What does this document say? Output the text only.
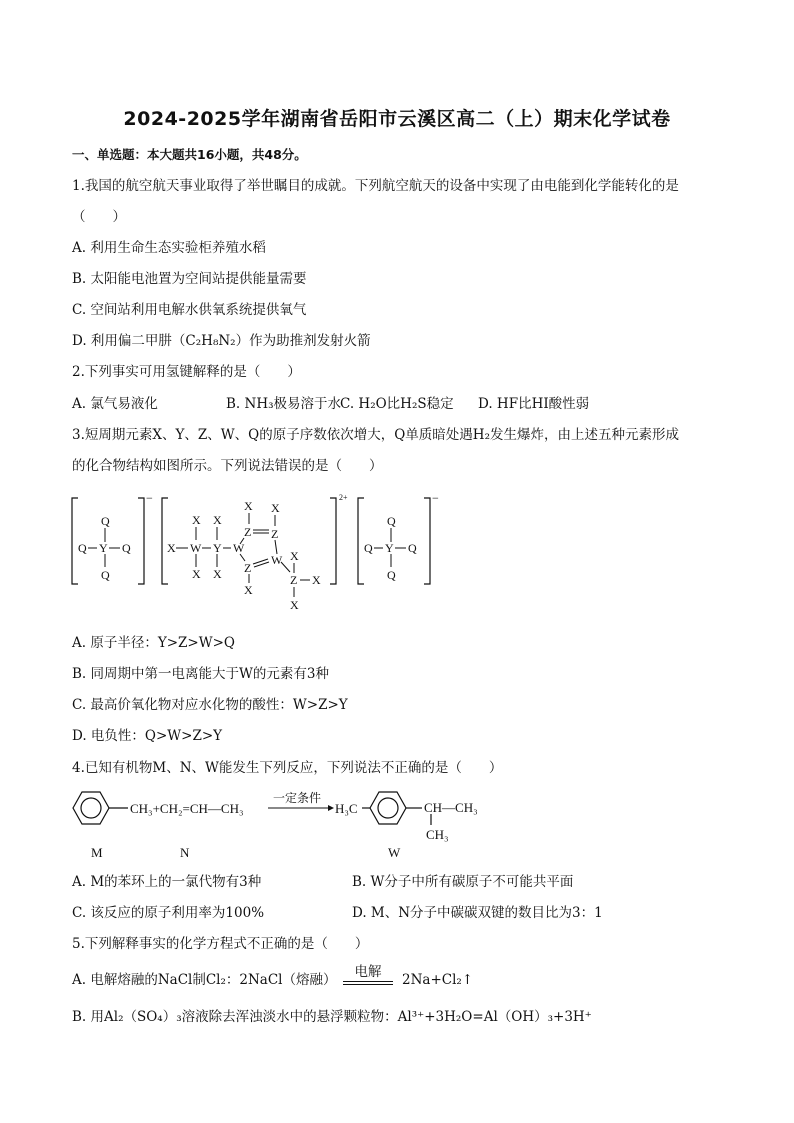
2024-2025学年湖南省岳阳市云溪区高二（上）期末化学试卷
一、单选题：本大题共16小题，共48分。
1.我国的航空航天事业取得了举世瞩目的成就。下列航空航天的设备中实现了由电能到化学能转化的是
（　　）
A. 利用生命生态实验柜养殖水稻
B. 太阳能电池置为空间站提供能量需要
C. 空间站利用电解水供氧系统提供氧气
D. 利用偏二甲肼（C₂H₈N₂）作为助推剂发射火箭
2.下列事实可用氢键解释的是（　　）
A. 氯气易液化	B. NH₃极易溶于水
C. H₂O比H₂S稳定 D. HF比HI酸性弱
3.短周期元素X、Y、Z、W、Q的原子序数依次增大，Q单质暗处遇H₂发生爆炸，由上述五种元素形成
的化合物结构如图所示。下列说法错误的是（　　）
−
Q
Q Y Q
Q
2+
X X
X W Y W
X X
X X
Z Z
Z
W
X
X
Z X
X
−
Q
Q Y Q
Q
A. 原子半径：Y>Z>W>Q
B. 同周期中第一电离能大于W的元素有3种
C. 最高价氧化物对应水化物的酸性：W>Z>Y
D. 电负性：Q>W>Z>Y
4.已知有机物M、N、W能发生下列反应，下列说法不正确的是（　　）
CH₃+CH₂=CH—CH₃
一定条件
H₃C	CH—CH₃
CH₃
M	N	W
A. M的苯环上的一氯代物有3种	B. W分子中所有碳原子不可能共平面
C. 该反应的原子利用率为100%	D. M、N分子中碳碳双键的数目比为3：1
5.下列解释事实的化学方程式不正确的是（　　）
A. 电解熔融的NaCl制Cl₂：2NaCl（熔融）	电解	2Na+Cl₂↑
B. 用Al₂（SO₄）₃溶液除去浑浊淡水中的悬浮颗粒物：Al³⁺+3H₂O=Al（OH）₃+3H⁺
